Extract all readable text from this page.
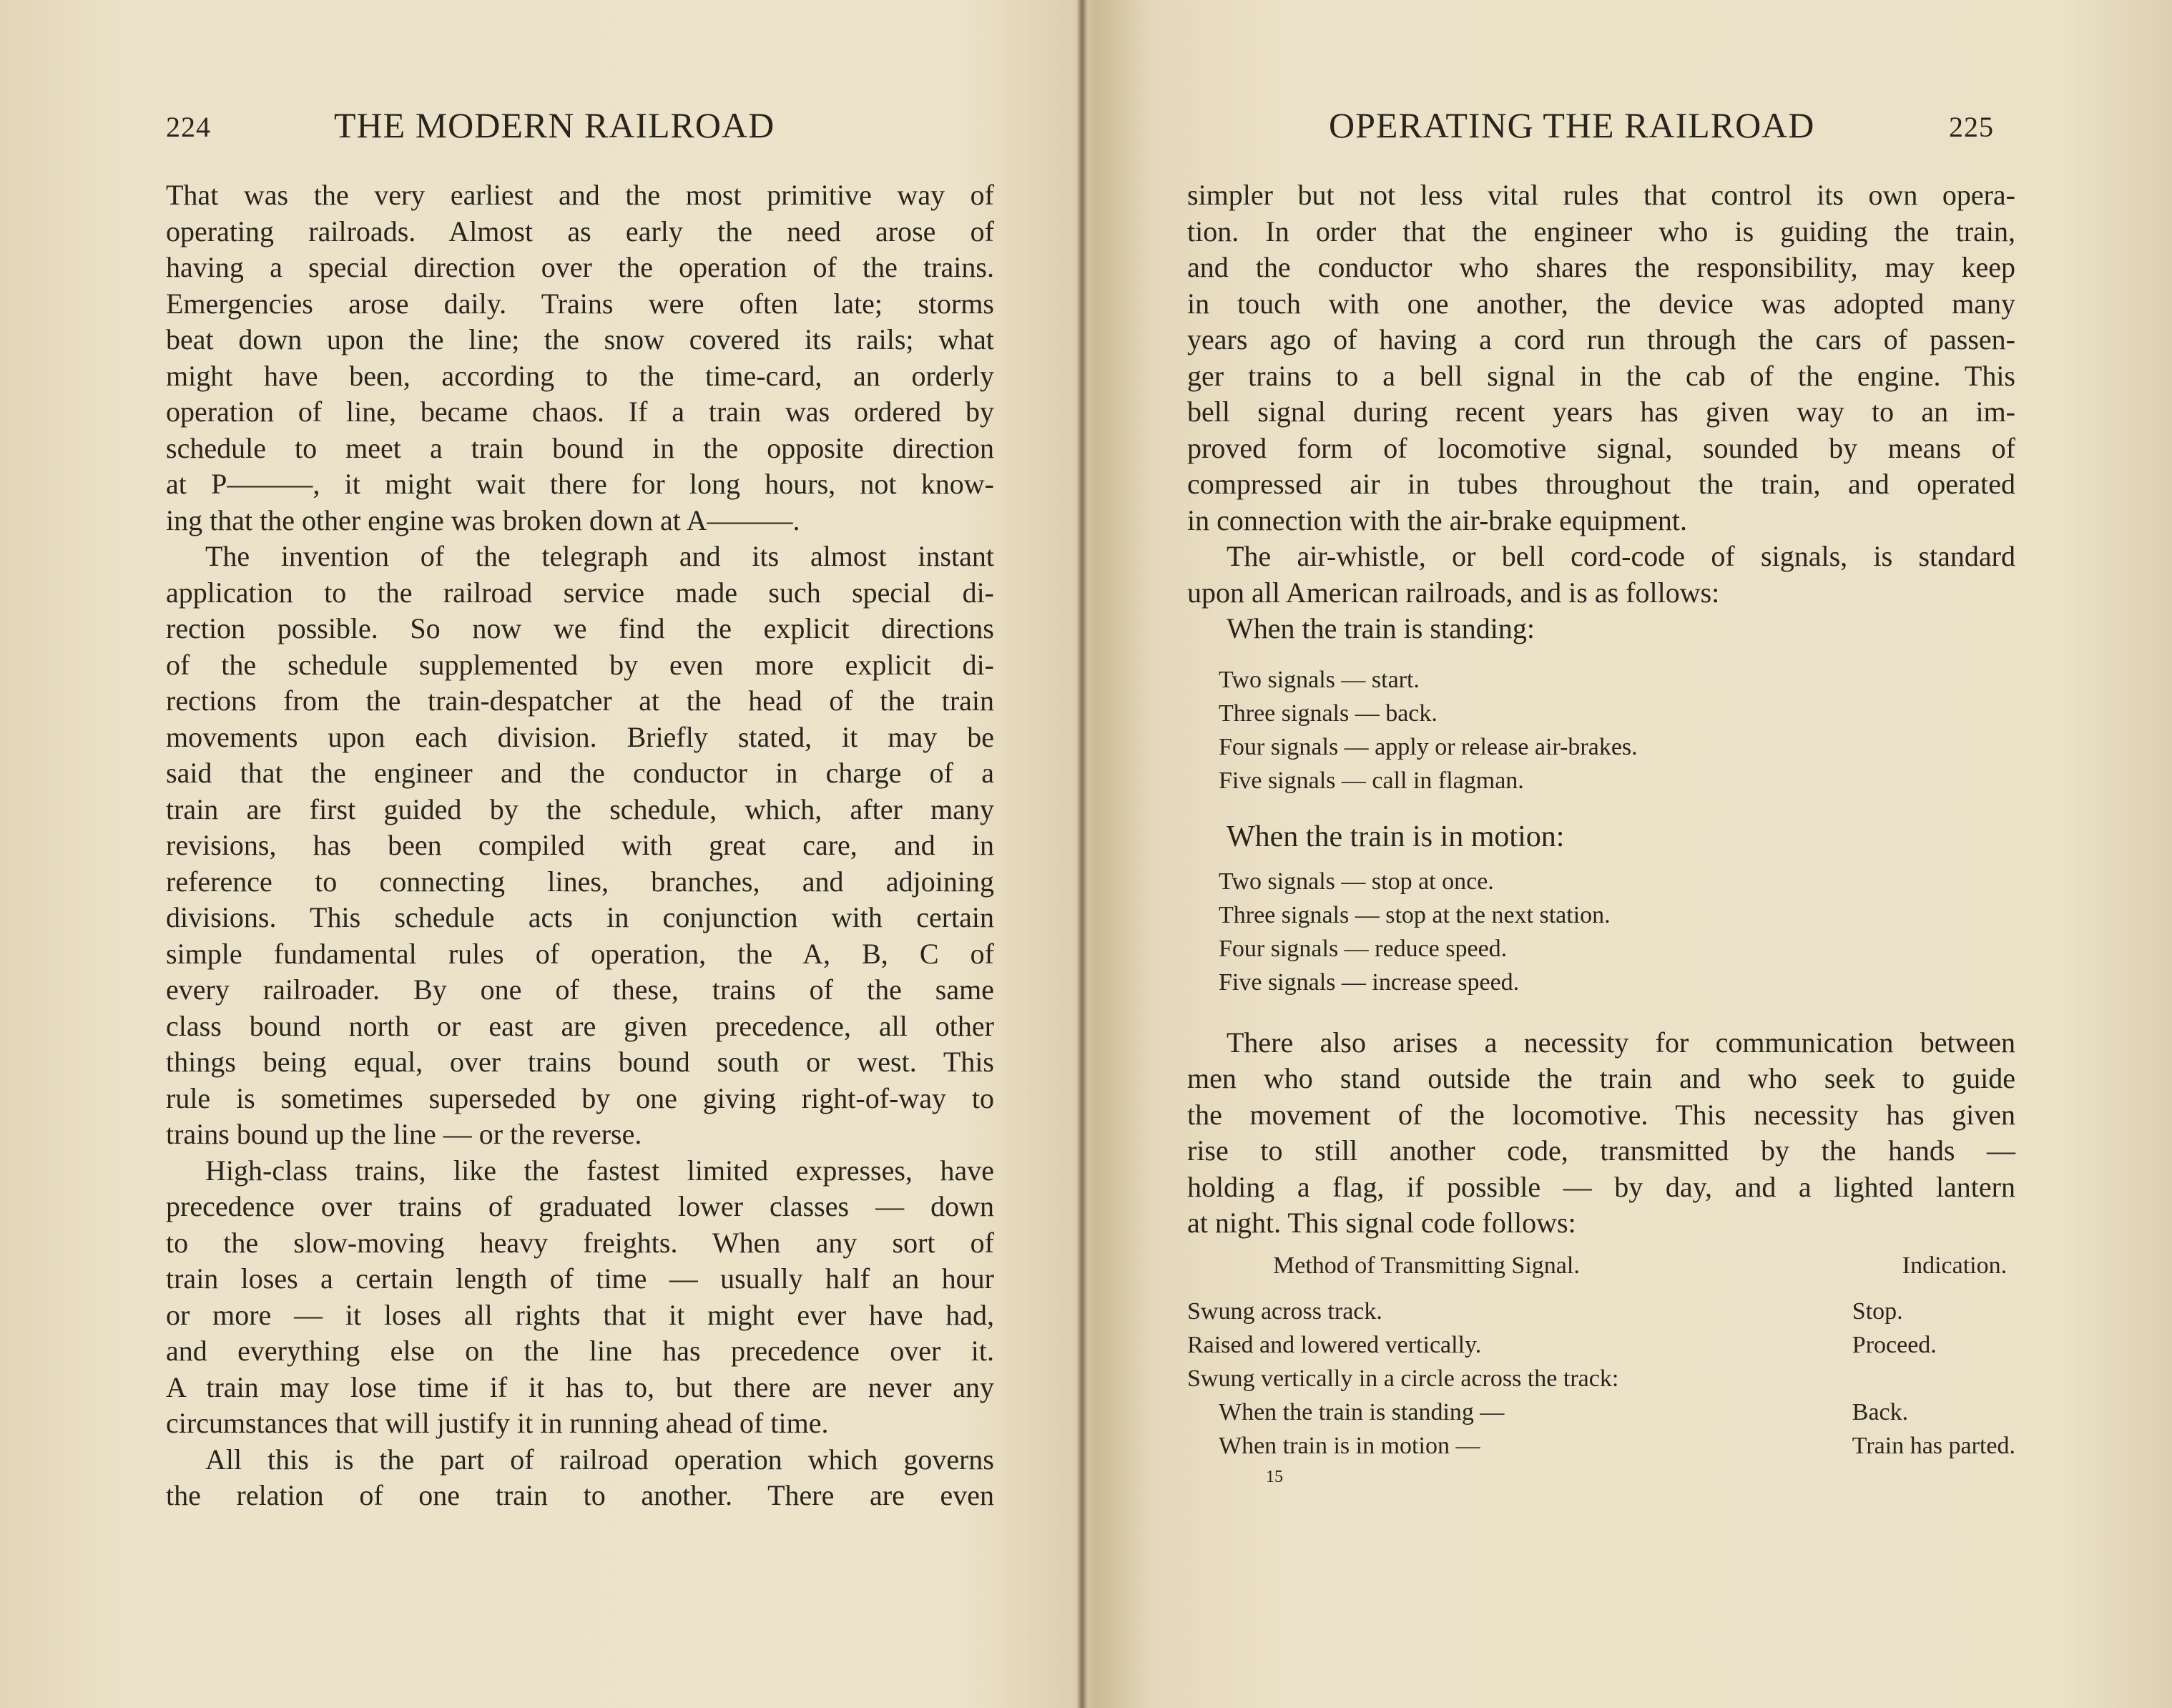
224	THE MODERN RAILROAD
That was the very earliest and the most primitive way of
operating railroads. Almost as early the need arose of
having a special direction over the operation of the trains.
Emergencies arose daily. Trains were often late; storms
beat down upon the line; the snow covered its rails; what
might have been, according to the time-card, an orderly
operation of line, became chaos. If a train was ordered by
schedule to meet a train bound in the opposite direction
at P———, it might wait there for long hours, not know-
ing that the other engine was broken down at A———.
The invention of the telegraph and its almost instant
application to the railroad service made such special di-
rection possible. So now we find the explicit directions
of the schedule supplemented by even more explicit di-
rections from the train-despatcher at the head of the train
movements upon each division. Briefly stated, it may be
said that the engineer and the conductor in charge of a
train are first guided by the schedule, which, after many
revisions, has been compiled with great care, and in
reference to connecting lines, branches, and adjoining
divisions. This schedule acts in conjunction with certain
simple fundamental rules of operation, the A, B, C of
every railroader. By one of these, trains of the same
class bound north or east are given precedence, all other
things being equal, over trains bound south or west. This
rule is sometimes superseded by one giving right-of-way to
trains bound up the line — or the reverse.
High-class trains, like the fastest limited expresses, have
precedence over trains of graduated lower classes — down
to the slow-moving heavy freights. When any sort of
train loses a certain length of time — usually half an hour
or more — it loses all rights that it might ever have had,
and everything else on the line has precedence over it.
A train may lose time if it has to, but there are never any
circumstances that will justify it in running ahead of time.
All this is the part of railroad operation which governs
the relation of one train to another. There are even
OPERATING THE RAILROAD	225
simpler but not less vital rules that control its own opera-
tion. In order that the engineer who is guiding the train,
and the conductor who shares the responsibility, may keep
in touch with one another, the device was adopted many
years ago of having a cord run through the cars of passen-
ger trains to a bell signal in the cab of the engine. This
bell signal during recent years has given way to an im-
proved form of locomotive signal, sounded by means of
compressed air in tubes throughout the train, and operated
in connection with the air-brake equipment.
The air-whistle, or bell cord-code of signals, is standard
upon all American railroads, and is as follows:
When the train is standing:
Two signals — start.
Three signals — back.
Four signals — apply or release air-brakes.
Five signals — call in flagman.
When the train is in motion:
Two signals — stop at once.
Three signals — stop at the next station.
Four signals — reduce speed.
Five signals — increase speed.
There also arises a necessity for communication between
men who stand outside the train and who seek to guide
the movement of the locomotive. This necessity has given
rise to still another code, transmitted by the hands —
holding a flag, if possible — by day, and a lighted lantern
at night. This signal code follows:
Method of Transmitting Signal.	Indication.
Swung across track.	Stop.
Raised and lowered vertically.	Proceed.
Swung vertically in a circle across the track:	
When the train is standing —	Back.
When train is in motion —	Train has parted.
15
